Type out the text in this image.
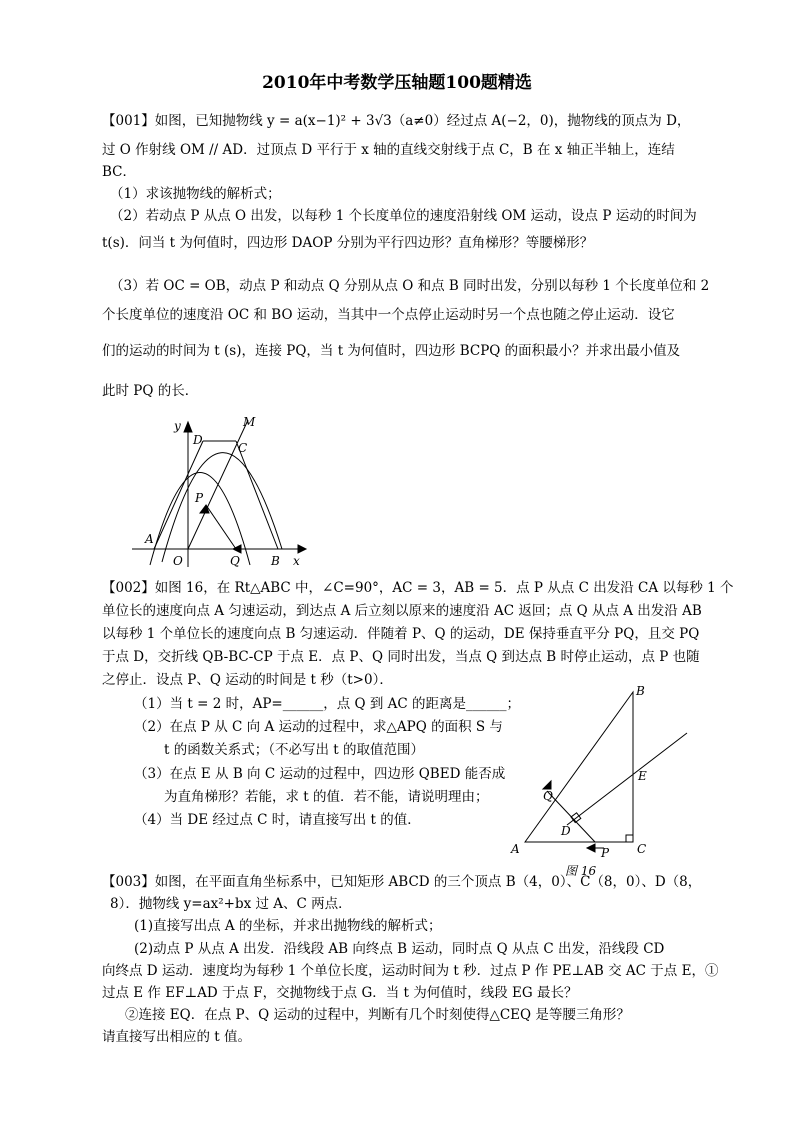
2010年中考数学压轴题100题精选
【001】如图，已知抛物线 y = a(x−1)² + 3√3（a≠0）经过点 A(−2，0)，抛物线的顶点为 D，
过 O 作射线 OM // AD．过顶点 D 平行于 x 轴的直线交射线于点 C，B 在 x 轴正半轴上，连结
BC．
（1）求该抛物线的解析式；
（2）若动点 P 从点 O 出发，以每秒 1 个长度单位的速度沿射线 OM 运动，设点 P 运动的时间为
t(s)．问当 t 为何值时，四边形 DAOP 分别为平行四边形？直角梯形？等腰梯形？
（3）若 OC = OB，动点 P 和动点 Q 分别从点 O 和点 B 同时出发，分别以每秒 1 个长度单位和 2
个长度单位的速度沿 OC 和 BO 运动，当其中一个点停止运动时另一个点也随之停止运动．设它
们的运动的时间为 t (s)，连接 PQ，当 t 为何值时，四边形 BCPQ 的面积最小？并求出最小值及
此时 PQ 的长．
y
D
M
C
P
A
O	Q	B x
【002】如图 16，在 Rt△ABC 中，∠C=90°，AC = 3，AB = 5．点 P 从点 C 出发沿 CA 以每秒 1 个
单位长的速度向点 A 匀速运动，到达点 A 后立刻以原来的速度沿 AC 返回；点 Q 从点 A 出发沿 AB
以每秒 1 个单位长的速度向点 B 匀速运动．伴随着 P、Q 的运动，DE 保持垂直平分 PQ，且交 PQ
于点 D，交折线 QB-BC-CP 于点 E．点 P、Q 同时出发，当点 Q 到达点 B 时停止运动，点 P 也随
之停止．设点 P、Q 运动的时间是 t 秒（t>0）．
（1）当 t = 2 时，AP=______，点 Q 到 AC 的距离是______；
（2）在点 P 从 C 向 A 运动的过程中，求△APQ 的面积 S 与
t 的函数关系式；（不必写出 t 的取值范围）
（3）在点 E 从 B 向 C 运动的过程中，四边形 QBED 能否成
为直角梯形？若能，求 t 的值．若不能，请说明理由；
（4）当 DE 经过点 C 时，请直接写出 t 的值．
B
E
Q
D
A	P C
图 16
【003】如图，在平面直角坐标系中，已知矩形 ABCD 的三个顶点 B（4，0）、C（8，0）、D（8，
8）．抛物线 y=ax²+bx 过 A、C 两点．
(1)直接写出点 A 的坐标，并求出抛物线的解析式；
(2)动点 P 从点 A 出发．沿线段 AB 向终点 B 运动，同时点 Q 从点 C 出发，沿线段 CD
向终点 D 运动．速度均为每秒 1 个单位长度，运动时间为 t 秒．过点 P 作 PE⊥AB 交 AC 于点 E，①
过点 E 作 EF⊥AD 于点 F，交抛物线于点 G．当 t 为何值时，线段 EG 最长？
②连接 EQ．在点 P、Q 运动的过程中，判断有几个时刻使得△CEQ 是等腰三角形？
请直接写出相应的 t 值。
